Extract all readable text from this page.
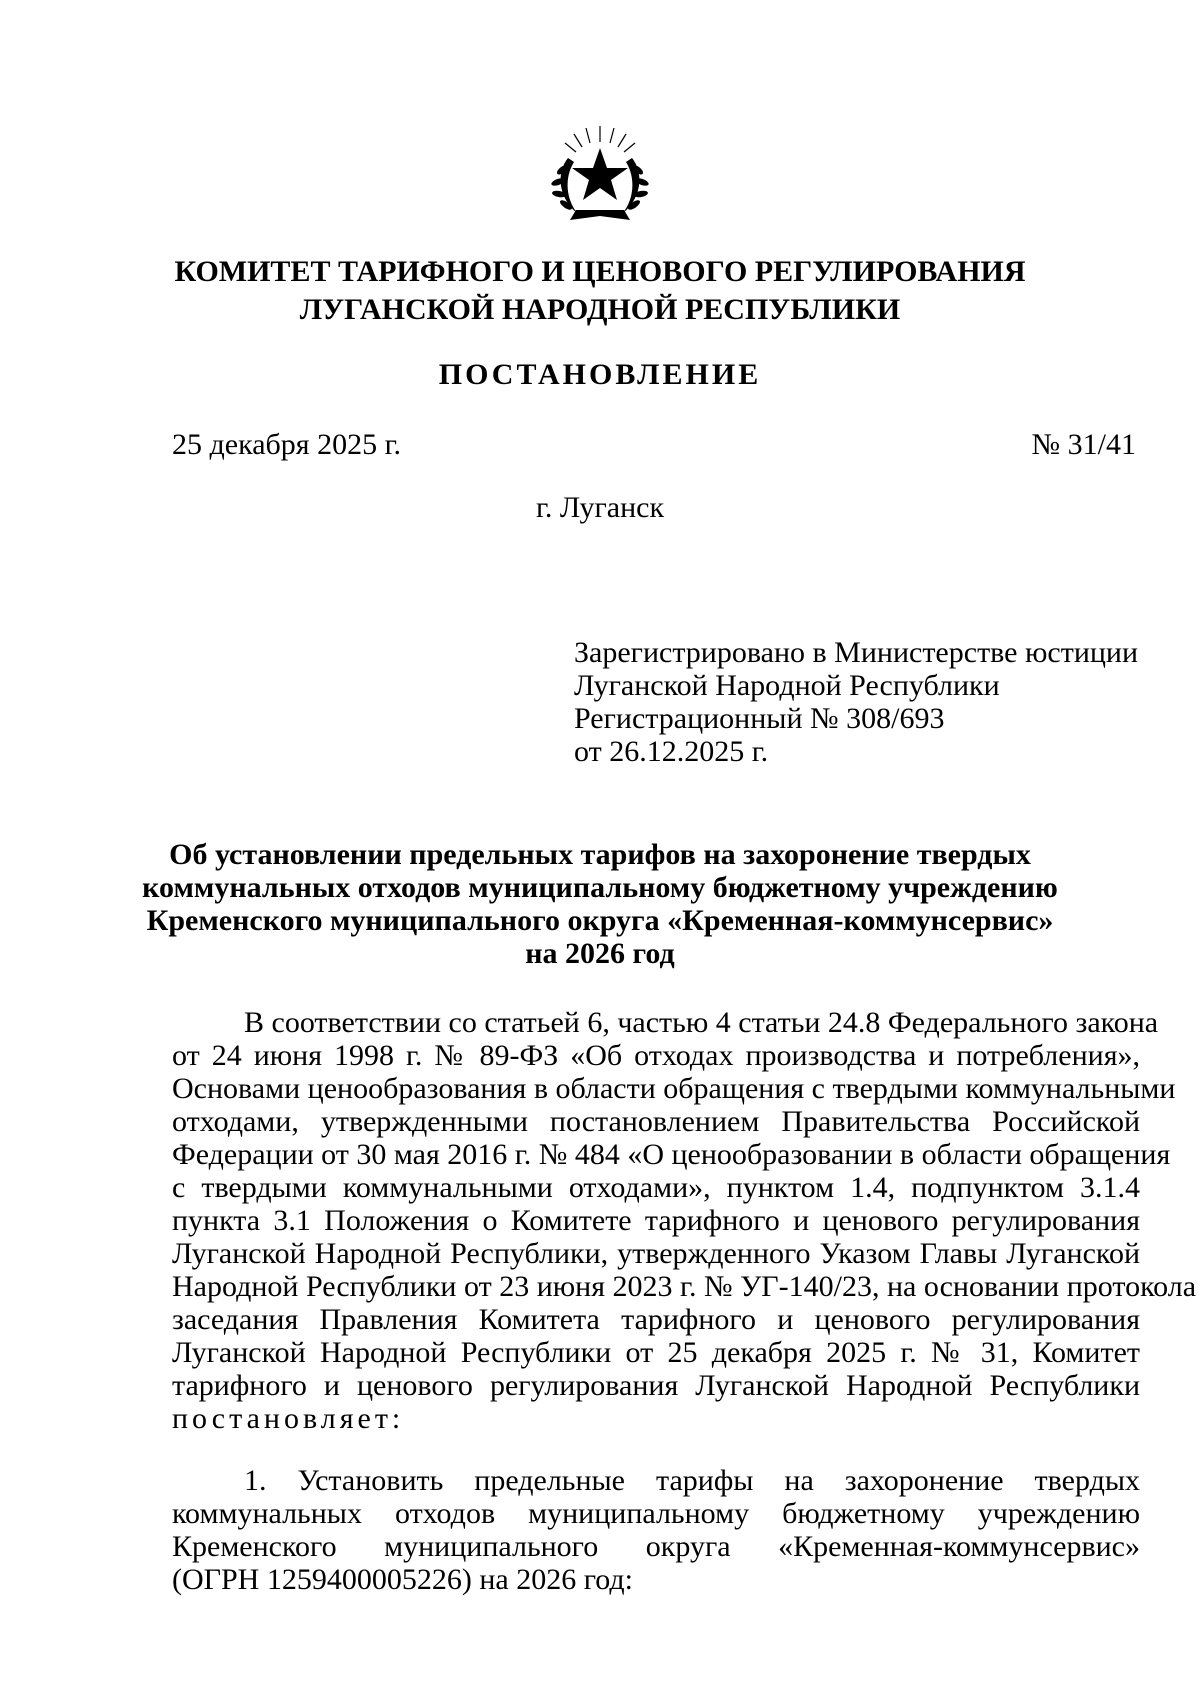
КОМИТЕТ ТАРИФНОГО И ЦЕНОВОГО РЕГУЛИРОВАНИЯ
ЛУГАНСКОЙ НАРОДНОЙ РЕСПУБЛИКИ
ПОСТАНОВЛЕНИЕ
25 декабря 2025 г.	№ 31/41
г. Луганск
Зарегистрировано в Министерстве юстиции
Луганской Народной Республики
Регистрационный № 308/693
от 26.12.2025 г.
Об установлении предельных тарифов на захоронение твердых
коммунальных отходов муниципальному бюджетному учреждению
Кременского муниципального округа «Кременная-коммунсервис»
на 2026 год
В соответствии со статьей 6, частью 4 статьи 24.8 Федерального закона
от 24 июня 1998 г. № 89-ФЗ «Об отходах производства и потребления»,
Основами ценообразования в области обращения с твердыми коммунальными
отходами, утвержденными постановлением Правительства Российской
Федерации от 30 мая 2016 г. № 484 «О ценообразовании в области обращения
с твердыми коммунальными отходами», пунктом 1.4, подпунктом 3.1.4
пункта 3.1 Положения о Комитете тарифного и ценового регулирования
Луганской Народной Республики, утвержденного Указом Главы Луганской
Народной Республики от 23 июня 2023 г. № УГ-140/23, на основании протокола
заседания Правления Комитета тарифного и ценового регулирования
Луганской Народной Республики от 25 декабря 2025 г. № 31, Комитет
тарифного и ценового регулирования Луганской Народной Республики
постановляет:
1. Установить предельные тарифы на захоронение твердых
коммунальных отходов муниципальному бюджетному учреждению
Кременского муниципального округа «Кременная-коммунсервис»
(ОГРН 1259400005226) на 2026 год:
